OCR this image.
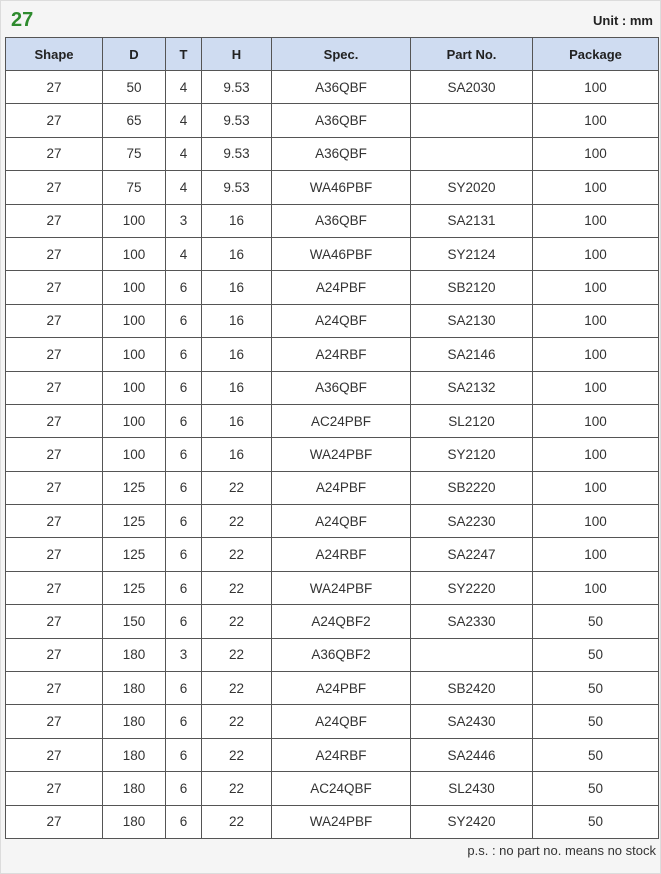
27	Unit : mm
Shape	D	T	H	Spec.	Part No.	Package
27	50	4	9.53	A36QBF	SA2030	100
27	65	4	9.53	A36QBF		100
27	75	4	9.53	A36QBF		100
27	75	4	9.53	WA46PBF	SY2020	100
27	100	3	16	A36QBF	SA2131	100
27	100	4	16	WA46PBF	SY2124	100
27	100	6	16	A24PBF	SB2120	100
27	100	6	16	A24QBF	SA2130	100
27	100	6	16	A24RBF	SA2146	100
27	100	6	16	A36QBF	SA2132	100
27	100	6	16	AC24PBF	SL2120	100
27	100	6	16	WA24PBF	SY2120	100
27	125	6	22	A24PBF	SB2220	100
27	125	6	22	A24QBF	SA2230	100
27	125	6	22	A24RBF	SA2247	100
27	125	6	22	WA24PBF	SY2220	100
27	150	6	22	A24QBF2	SA2330	50
27	180	3	22	A36QBF2		50
27	180	6	22	A24PBF	SB2420	50
27	180	6	22	A24QBF	SA2430	50
27	180	6	22	A24RBF	SA2446	50
27	180	6	22	AC24QBF	SL2430	50
27	180	6	22	WA24PBF	SY2420	50
p.s. : no part no. means no stock
